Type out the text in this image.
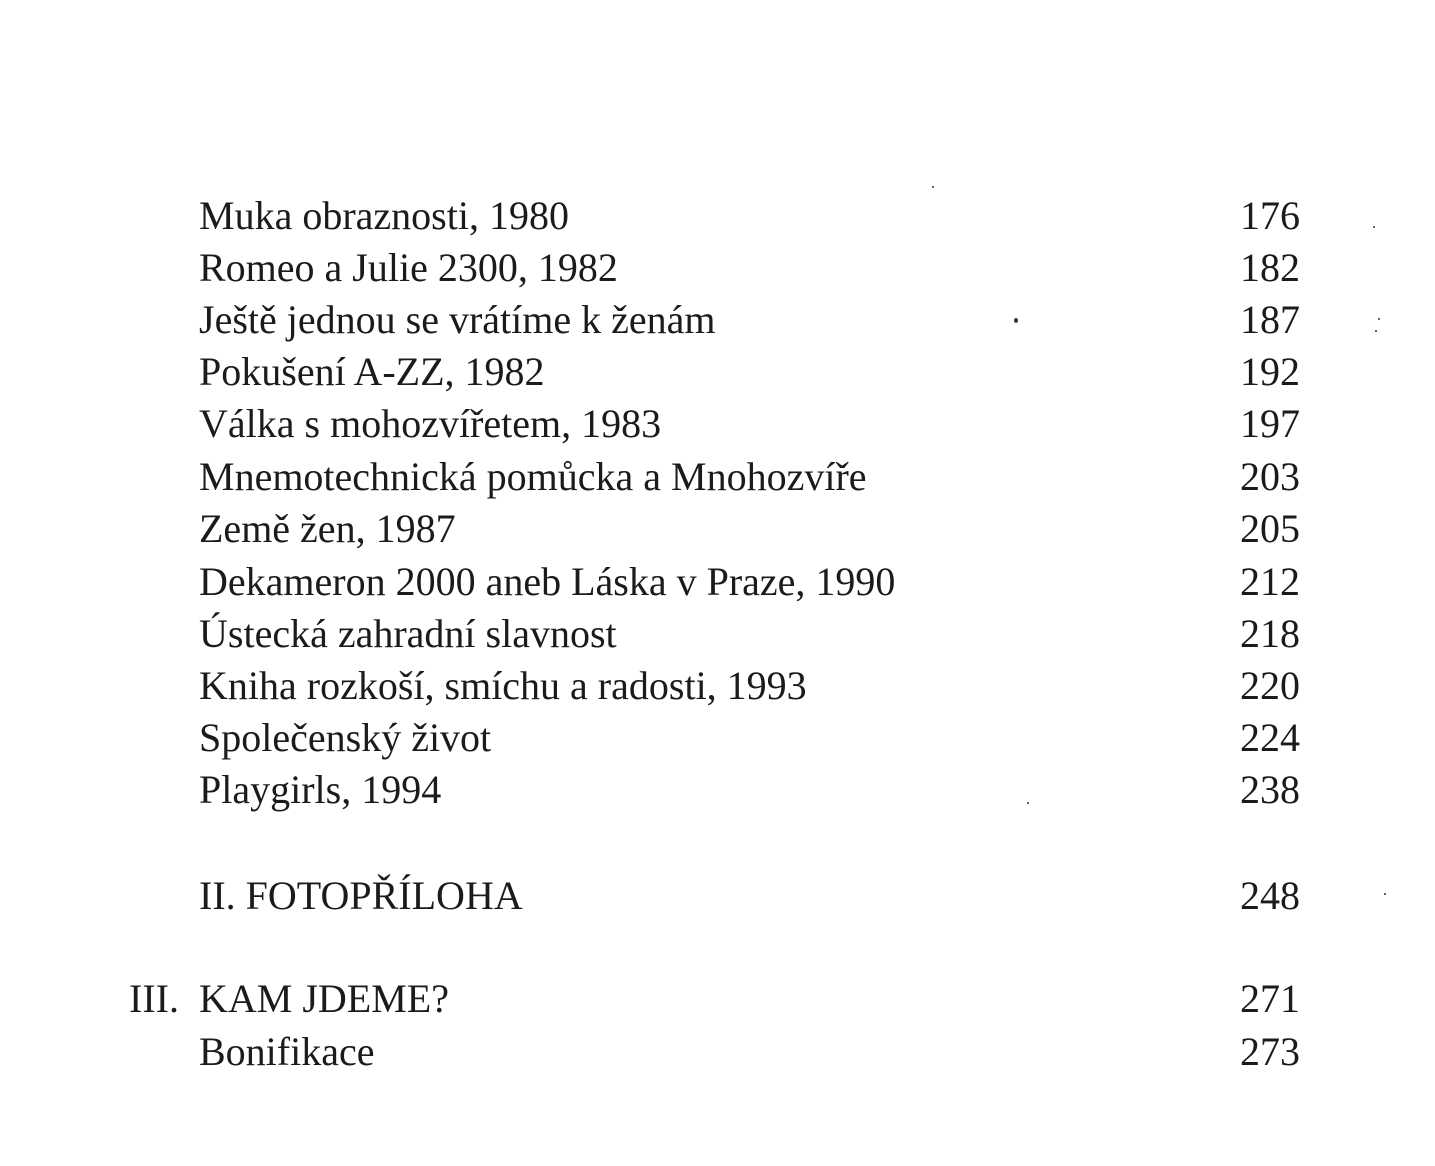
Muka obraznosti, 1980	176
Romeo a Julie 2300, 1982	182
Ještě jednou se vrátíme k ženám	187
Pokušení A-ZZ, 1982	192
Válka s mohozvířetem, 1983	197
Mnemotechnická pomůcka a Mnohozvíře	203
Země žen, 1987	205
Dekameron 2000 aneb Láska v Praze, 1990	212
Ústecká zahradní slavnost	218
Kniha rozkoší, smíchu a radosti, 1993	220
Společenský život	224
Playgirls, 1994	238
II. FOTOPŘÍLOHA	248
III. KAM JDEME?	271
Bonifikace	273
